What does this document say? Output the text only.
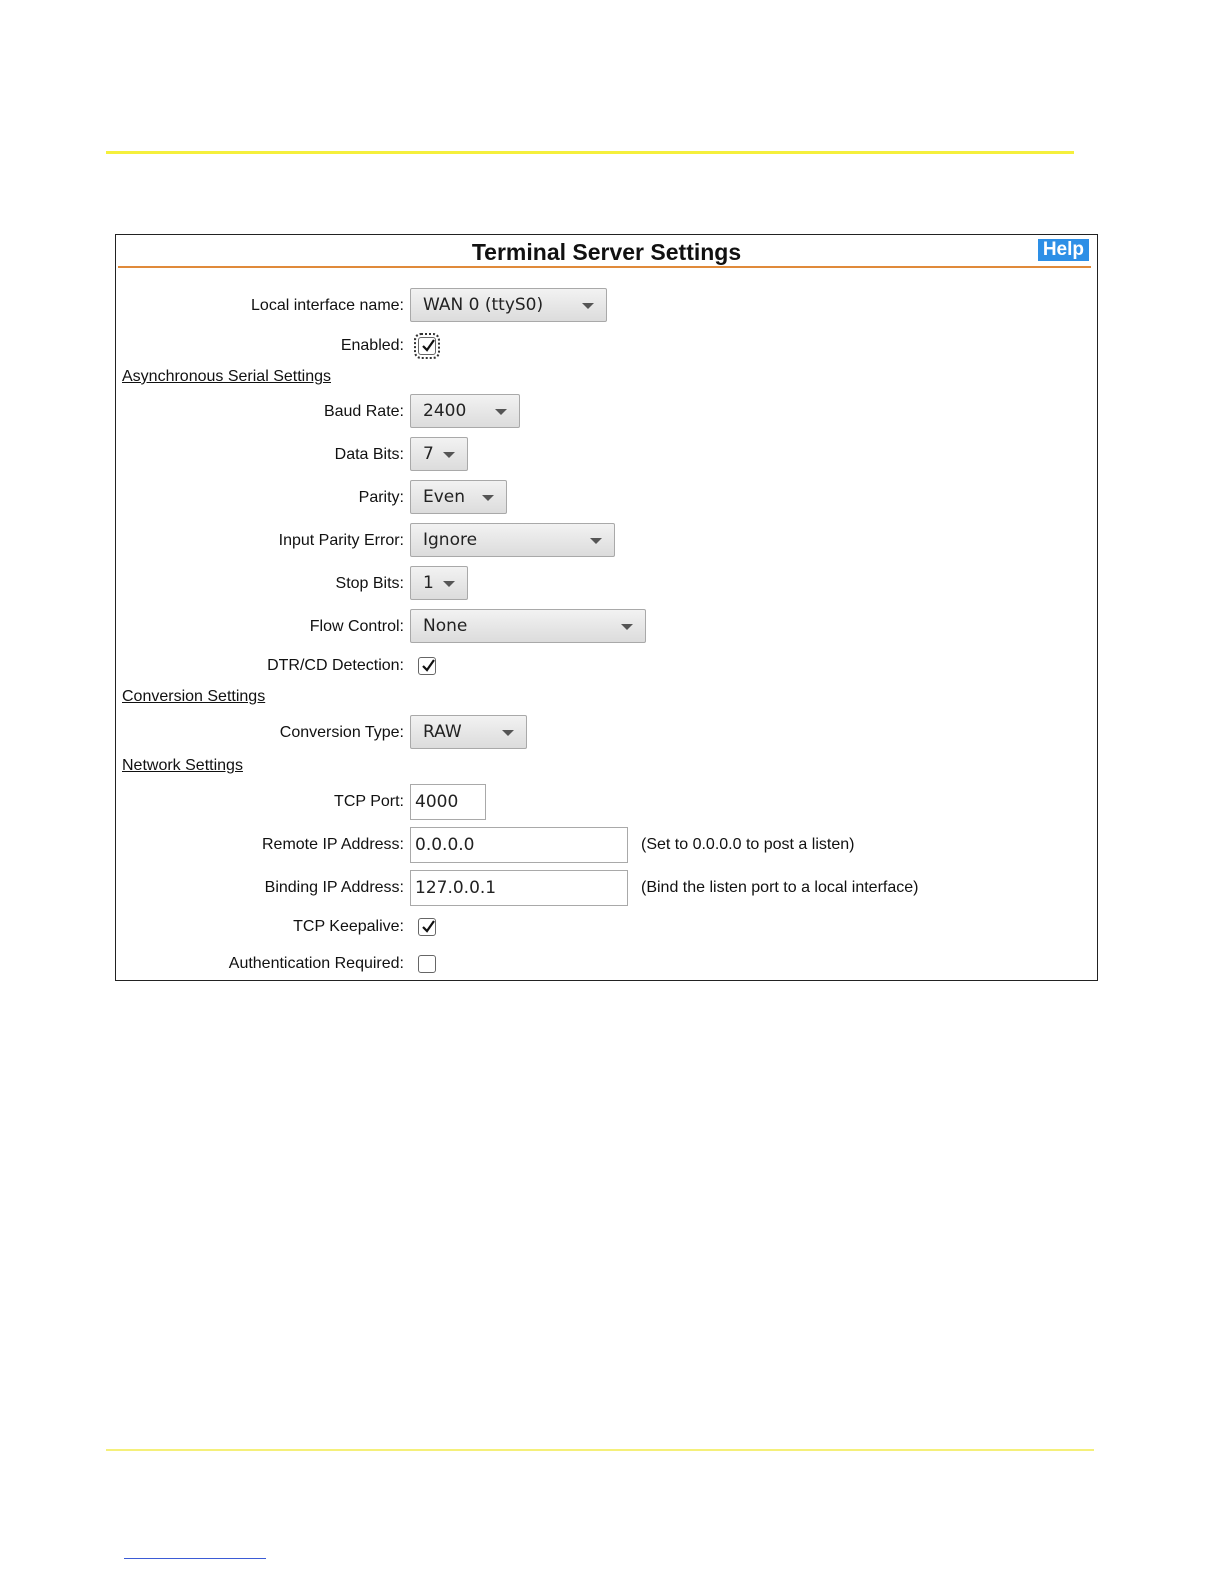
Terminal Server Settings	Help
Local interface name:	WAN 0 (ttyS0)
Enabled:
Asynchronous Serial Settings
Baud Rate:	2400
Data Bits:	7
Parity:	Even
Input Parity Error:	Ignore
Stop Bits:	1
Flow Control:	None
DTR/CD Detection:
Conversion Settings
Conversion Type:	RAW
Network Settings
TCP Port: 4000
Remote IP Address: 0.0.0.0	(Set to 0.0.0.0 to post a listen)
Binding IP Address: 127.0.0.1	(Bind the listen port to a local interface)
TCP Keepalive:
Authentication Required:
